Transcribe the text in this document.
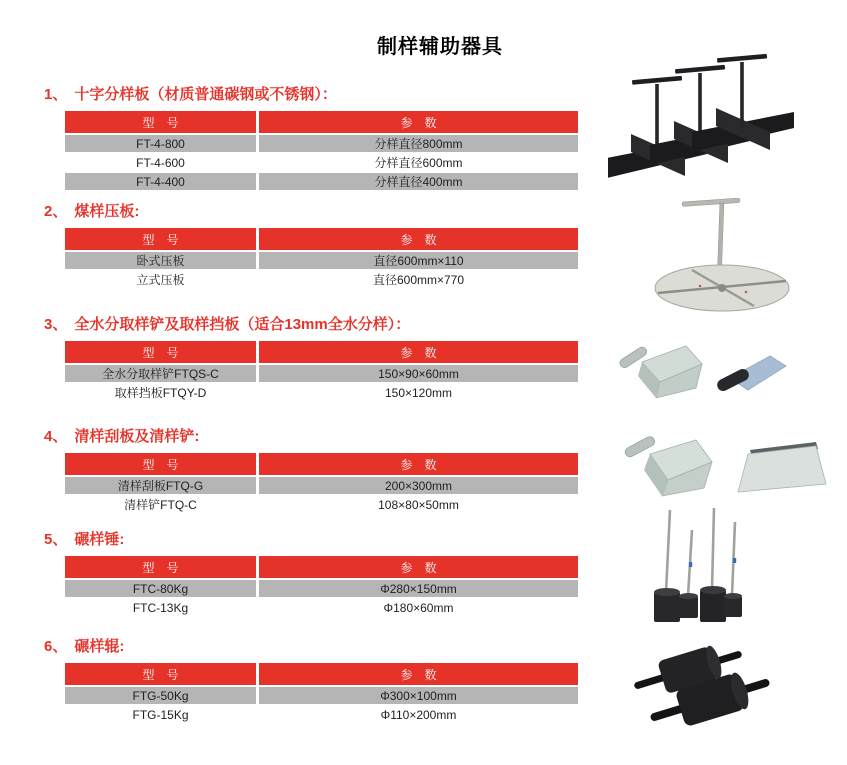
制样辅助器具
1、 十字分样板（材质普通碳钢或不锈钢）：
型　号	参　数
FT-4-800	分样直径800mm
FT-4-600	分样直径600mm
FT-4-400	分样直径400mm
2、 煤样压板:
型　号	参　数
卧式压板	直径600mm×110
立式压板	直径600mm×770
3、 全水分取样铲及取样挡板（适合13mm全水分样）：
型　号	参　数
全水分取样铲FTQS-C	150×90×60mm
取样挡板FTQY-D	150×120mm
4、 清样刮板及清样铲:
型　号	参　数
清样刮板FTQ-G	200×300mm
清样铲FTQ-C	108×80×50mm
5、 碾样锤:
型　号	参　数
FTC-80Kg	Φ280×150mm
FTC-13Kg	Φ180×60mm
6、 碾样辊:
型　号	参　数
FTG-50Kg	Φ300×100mm
FTG-15Kg	Φ110×200mm
